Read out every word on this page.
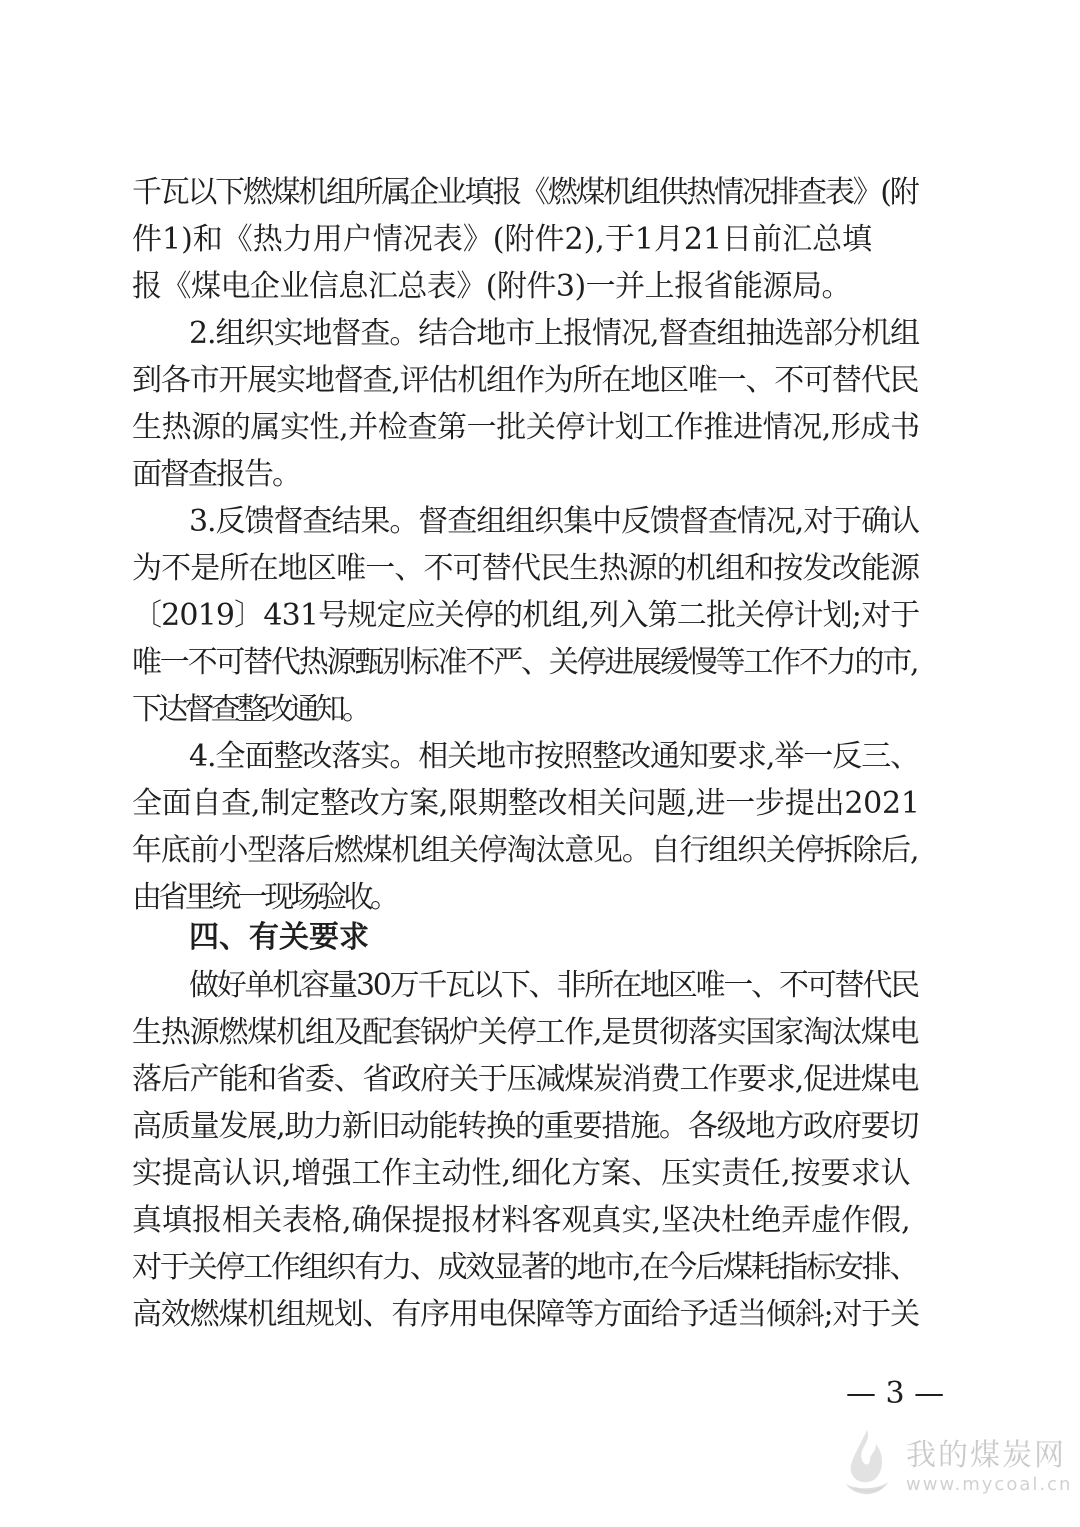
千瓦以下燃煤机组所属企业填报《燃煤机组供热情况排查表》(附
件1)和《热力用户情况表》(附件2),于1月21日前汇总填
报《煤电企业信息汇总表》(附件3)一并上报省能源局。
2.组织实地督查。结合地市上报情况,督查组抽选部分机组
到各市开展实地督查,评估机组作为所在地区唯一、不可替代民
生热源的属实性,并检查第一批关停计划工作推进情况,形成书
面督查报告。
3.反馈督查结果。督查组组织集中反馈督查情况,对于确认
为不是所在地区唯一、不可替代民生热源的机组和按发改能源
〔2019〕431号规定应关停的机组,列入第二批关停计划;对于
唯一不可替代热源甄别标准不严、关停进展缓慢等工作不力的市,
下达督查整改通知。
4.全面整改落实。相关地市按照整改通知要求,举一反三、
全面自查,制定整改方案,限期整改相关问题,进一步提出2021
年底前小型落后燃煤机组关停淘汰意见。自行组织关停拆除后,
由省里统一现场验收。
四、有关要求
做好单机容量30万千瓦以下、非所在地区唯一、不可替代民
生热源燃煤机组及配套锅炉关停工作,是贯彻落实国家淘汰煤电
落后产能和省委、省政府关于压减煤炭消费工作要求,促进煤电
高质量发展,助力新旧动能转换的重要措施。各级地方政府要切
实提高认识,增强工作主动性,细化方案、压实责任,按要求认
真填报相关表格,确保提报材料客观真实,坚决杜绝弄虚作假,
对于关停工作组织有力、成效显著的地市,在今后煤耗指标安排、
高效燃煤机组规划、有序用电保障等方面给予适当倾斜;对于关
— 3 —
我的煤炭网
www.mycoal.cn
